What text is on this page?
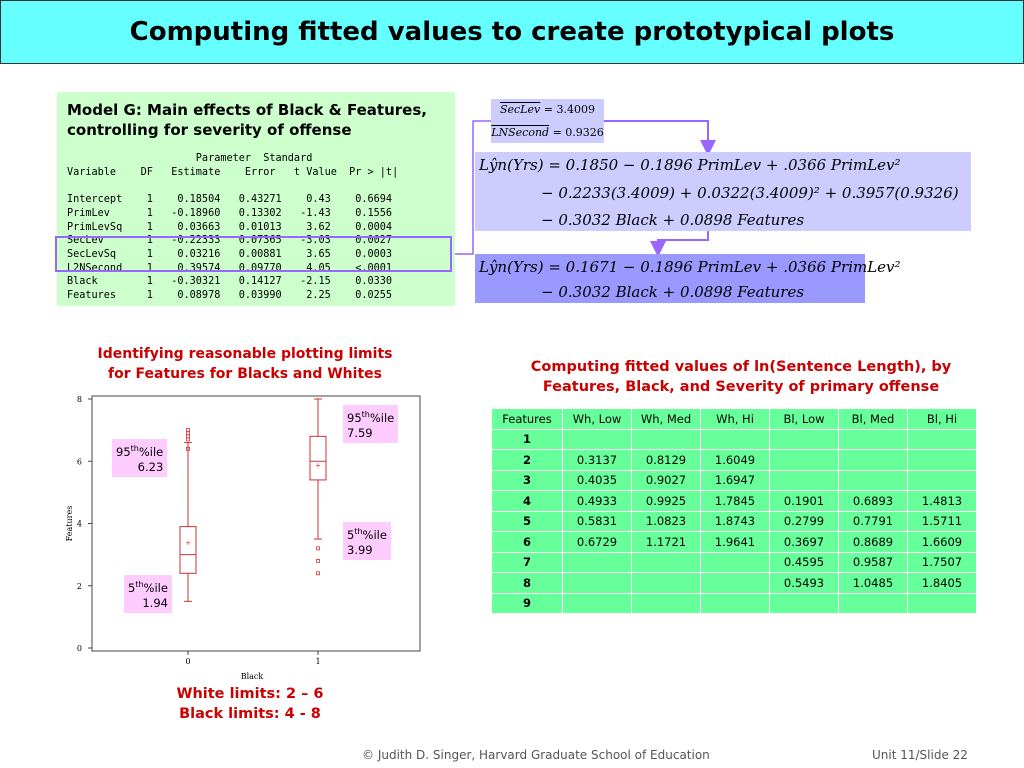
Computing fitted values to create prototypical plots
Model G: Main effects of Black & Features, controlling for severity of offense
Parameter  Standard
Variable    DF   Estimate    Error   t Value  Pr > |t|
Intercept    1    0.18504   0.43271    0.43    0.6694
PrimLev      1   -0.18960   0.13302   -1.43    0.1556
PrimLevSq    1    0.03663   0.01013    3.62    0.0004
SecLev       1   -0.22333   0.07365   -3.03    0.0027
SecLevSq     1    0.03216   0.00881    3.65    0.0003
L2NSecond    1    0.39574   0.09770    4.05    <.0001
Black        1   -0.30321   0.14127   -2.15    0.0330
Features     1    0.08978   0.03990    2.25    0.0255
SecLev = 3.4009
LNSecond = 0.9326
Lŷn(Yrs) = 0.1850 − 0.1896 PrimLev + .0366 PrimLev²
− 0.2233(3.4009) + 0.0322(3.4009)² + 0.3957(0.9326)
− 0.3032 Black + 0.0898 Features
Lŷn(Yrs) = 0.1671 − 0.1896 PrimLev + .0366 PrimLev²
− 0.3032 Black + 0.0898 Features
Identifying reasonable plotting limits
for Features for Blacks and Whites
0
2
4
6
8
0	1
Black
Features
+
+
95th%ile
6.23
5th%ile
1.94
95th%ile
7.59
5th%ile
3.99
White limits: 2 – 6
Black limits: 4 - 8
Computing fitted values of ln(Sentence Length), by
Features, Black, and Severity of primary offense
Features	Wh, Low	Wh, Med	Wh, Hi	Bl, Low	Bl, Med	Bl, Hi
1						
2	0.3137	0.8129	1.6049			
3	0.4035	0.9027	1.6947			
4	0.4933	0.9925	1.7845	0.1901	0.6893	1.4813
5	0.5831	1.0823	1.8743	0.2799	0.7791	1.5711
6	0.6729	1.1721	1.9641	0.3697	0.8689	1.6609
7				0.4595	0.9587	1.7507
8				0.5493	1.0485	1.8405
9						
© Judith D. Singer, Harvard Graduate School of Education	Unit 11/Slide 22
